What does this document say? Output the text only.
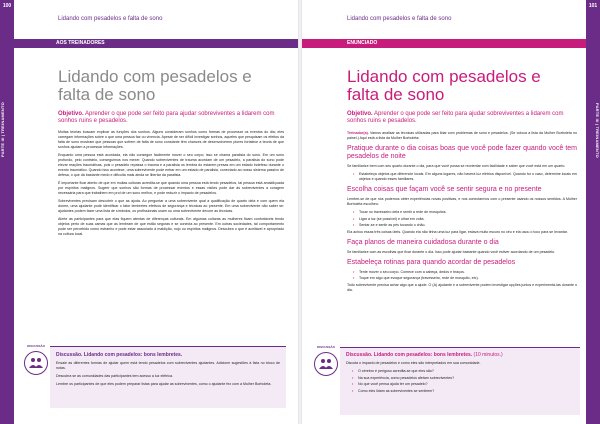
100
PARTE III | TREINAMENTO
Lidando com pesadelos e falta de sono
AOS TREINADORES
Lidando com pesadelos e falta de sono
Objetivo. Aprender o que pode ser feito para ajudar sobreviventes a lidarem com sonhos ruins e pesadelos.

Muitas teorias buscam explicar as funções dos sonhos. Alguns consideram sonhos como formas de processar os eventos do dia; eles carregam informações sobre o que uma pessoa faz ou vivencia. Apesar de ser difícil investigar sonhos, aqueles que pesquisam os efeitos da falta de sono mostram que pessoas que sofrem de falta de sono constante têm chances de desenvolverem piores fortalece a teoria de que sonhos ajudam a processar informações.

Enquanto uma pessoa está acordada, ela não consegue facilmente mover o seu corpo; isso se chama paralisia do sono. Em um sono profundo, pelo contrário, conseguimos nos mexer. Quando sobreviventes de trauma acordam de um pesadelo, a paralisia do sono pode elevar reações traumáticas, pois o pesadelo repassa o trauma e a paralisia os lembra do estarem presas em um estado indefeso durante o evento traumático. Quando isso acontece, uma sobrevivente pode entrar em um estado de paralisia, conectado ao nosso sistema passivo de defesa, o que dá bastante medo e dificulta mais ainda se libertar da paralisia.

É importante ficar atento de que em muitas culturas acredita-se que quando uma pessoa está tendo pesadelos, tal pessoa está amaldiçoada por espíritos malignos. Sugerir que sonhos são formas de processar eventos e essas visões pode dar às sobreviventes a coragem necessária para que trabalhem em prol de um sono melhor, e pode reduzir o impacto de pesadelos.

Sobreviventes precisam descobrir o que as ajuda. Ao perguntar a uma sobrevivente qual a qualificação de quarto dela e com quem ela dorme, uma ajudante pode identificar o fator lembretes efetivos de segurança e técnicas ao presente. Em uma sobrevivente não saber se: ajudantes podem fazer uma lista de símbolos, os profissionais usam ou uma sobrevivente decore as técnicas.

Alerte as participantes para que elas fiquem atentas de diferenças culturais. Em algumas culturas as mulheres ficam confortáveis tendo objetos perto de suas camas que as lembram de que estão seguras e se conecta ao presente. Em outras sociedades, tal comportamento pode ser percebido como estranho e pode estar associado à maldição, nojo ou espíritos malignos. Descubra o que é aceitável e apropriado na cultura local.

DISCUSSÃO
Discussão. Lidando com pesadelos: bons lembretes.

Ensaie as diferentes formas de ajudar quem está tendo pesadelos com sobreviventes ajudantes. Adicione sugestões à lista no bloco de notas.

Descubra se as comunidades das participantes tem acesso a luz elétrica.

Lembre os participantes de que eles podem preparar listas para ajudar as sobreviventes, como o ajudante fez com a Mulher Borboleta.

101
PARTE III | TREINAMENTO
Lidando com pesadelos e falta de sono
ENUNCIADO
Lidando com pesadelos e falta de sono
Objetivo. Aprender o que pode ser feito para ajudar sobreviventes a lidarem com sonhos ruins e pesadelos.

Treinador(a). Vamos analisar as técnicas utilizadas para lidar com problemas de sono e pesadelos. (Se coloca a lista da Mulher Borboleta no painel.) Aqui está a lista da Mulher Borboleta:

Pratique durante o dia coisas boas que você pode fazer quando você tem pesadelos de noite

Se familiarize bem com seu quarto durante o dia, para que você possa se reorientar com facilidade e saber que você está em um quarto.

•	Estabeleça objetos que diferencie locais. Em alguns lugares, não haverá luz elétrica disponível. Quando for o caso, determine locais em objetos e quando esses familiares.
Escolha coisas que façam você se sentir segura e no presente

Lembre-se de que nós podemos obter experiências novas positivas, e nos conectarmos com o presente usando os nossos sentidos. A Mulher Borboleta escolheu:

•	Tocar no travesseiro dela e sentir a rede de mosquitos.
•	Ligar a luz (se possível) e olhar em volta.
•	Sentar-se e sentir as pés tocando o chão.

Ela achou essas três coisas úteis. Quando ela não tinha uma luz para ligar, estava muito escuro no céu e ela usou o toco para se levantar.

Faça planos de maneira cuidadosa durante o dia

Se familiarize com as escolhas que ficar durante o dia. Isso pode ajudar bastante quando você estiver acordando de um pesadelo.

Estabeleça rotinas para quando acordar de pesadelos
•	Tente mover o seu corpo. Comece com a cabeça, dedos e braços.
•	Toque em algo que evoque segurança (travesseiro, rede de mosquito, etc).

Todo sobrevivente precisa achar algo que a ajude. O (A) ajudante e a sobrevivente podem investigar opções juntos e experimentá-las durante o dia.

DISCUSSÃO
Discussão. Lidando com pesadelos: bons lembretes. (10 minutos.)

Discuta o impacto de pesadelos e como eles são interpretados em sua comunidade.

•	O cérebro é perigoso acredita-se que eles são?
•	Na sua experiência, como pesadelos afetam sobreviventes?
•	No que você pensa ajuda ter um pesadelo?
•	Como eles lidam as sobreviventes se sentirem?
